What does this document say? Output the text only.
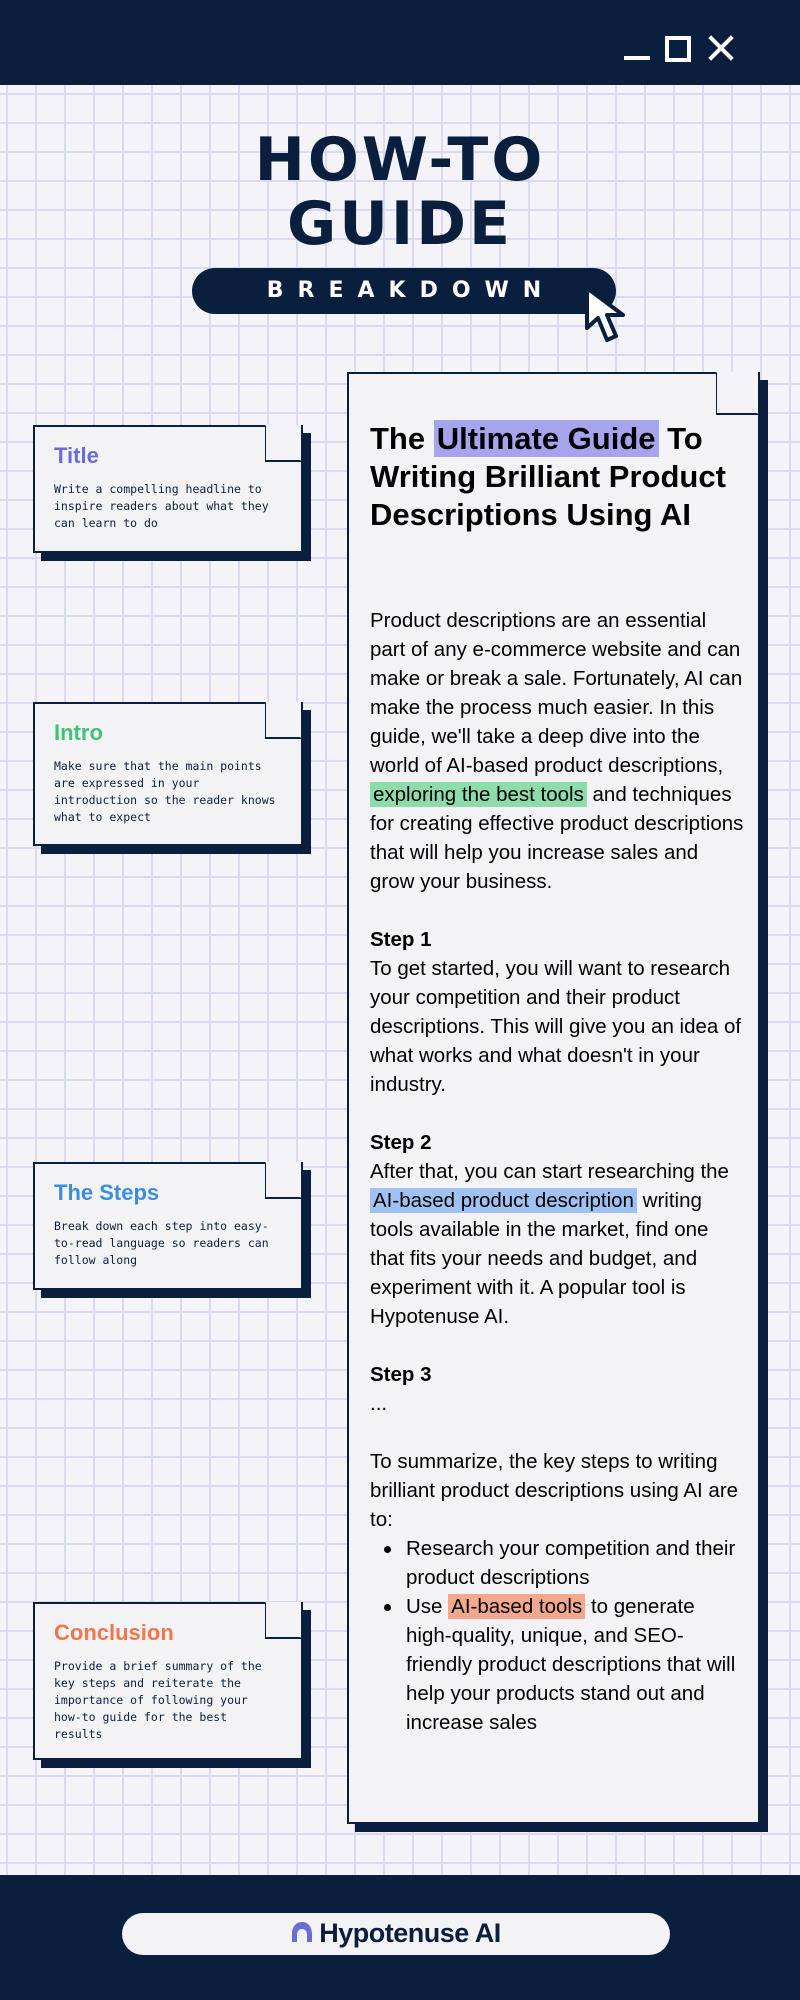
HOW-TO
GUIDE
BREAKDOWN
Title
Write a compelling headline to inspire readers about what they can learn to do
Intro
Make sure that the main points are expressed in your introduction so the reader knows what to expect
The Steps
Break down each step into easy-to-read language so readers can follow along
Conclusion
Provide a brief summary of the key steps and reiterate the importance of following your how-to guide for the best results
The Ultimate Guide To Writing Brilliant Product Descriptions Using AI

Product descriptions are an essential part of any e-commerce website and can make or break a sale. Fortunately, AI can make the process much easier. In this guide, we'll take a deep dive into the world of AI-based product descriptions, exploring the best tools and techniques for creating effective product descriptions that will help you increase sales and grow your business.

Step 1
To get started, you will want to research your competition and their product descriptions. This will give you an idea of what works and what doesn't in your industry.

Step 2
After that, you can start researching the AI-based product description writing tools available in the market, find one that fits your needs and budget, and experiment with it. A popular tool is Hypotenuse AI.

Step 3
...

To summarize, the key steps to writing brilliant product descriptions using AI are to:
Research your competition and their product descriptions
Use AI-based tools to generate high-quality, unique, and SEO-friendly product descriptions that will help your products stand out and increase sales
Hypotenuse AI
